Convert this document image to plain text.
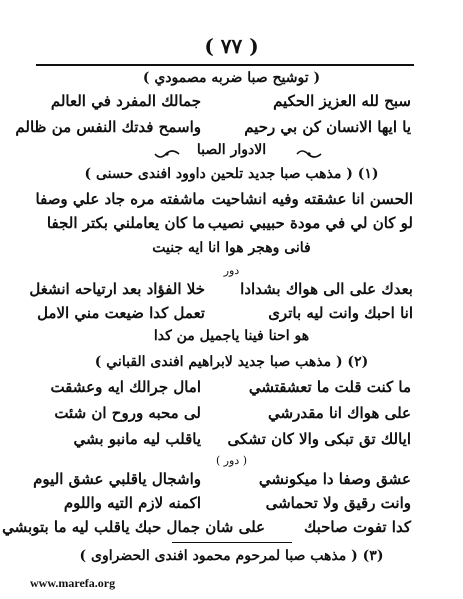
( ٧٧ )
( توشيح صبا ضربه مصمودي )
سبح لله العزيز الحكيم
جمالك المفرد في العالم
يا ايها الانسان كن بي رحيم
واسمح فدتك النفس من ظالم
الادوار الصبا
(١) ( مذهب صبا جديد تلحين داوود افندى حسنى )
الحسن انا عشقته وفيه انشاحيت
ماشفته مره جاد علي وصفا
لو كان لي في مودة حبيبي نصيب
ما كان يعاملني بكتر الجفا
فانى وهجر هوا انا ايه جنيت
دور
بعدك على الى هواك بشدادا
خلا الفؤاد بعد ارتياحه انشغل
انا احبك وانت ليه باترى
تعمل كدا ضيعت مني الامل
هو احنا فينا ياجميل من كدا
(٢) ( مذهب صبا جديد لابراهيم افندى القباني )
ما كنت قلت ما تعشقتشي
امال جرالك ايه وعشقت
على هواك انا مقدرشي
لى محبه وروح ان شئت
ايالك تق تبكى والا كان تشكى
ياقلب ليه مانبو بشي
( دور )
عشق وصفا دا ميكونشي
واشجال ياقلبي عشق اليوم
وانت رقيق ولا تحماشى
اكمنه لازم التيه واللوم
كدا تفوت صاحبك
على شان جمال حبك ياقلب ليه ما بتوبشي
(٣) ( مذهب صبا لمرحوم محمود افندى الحضراوى )
www.marefa.org
